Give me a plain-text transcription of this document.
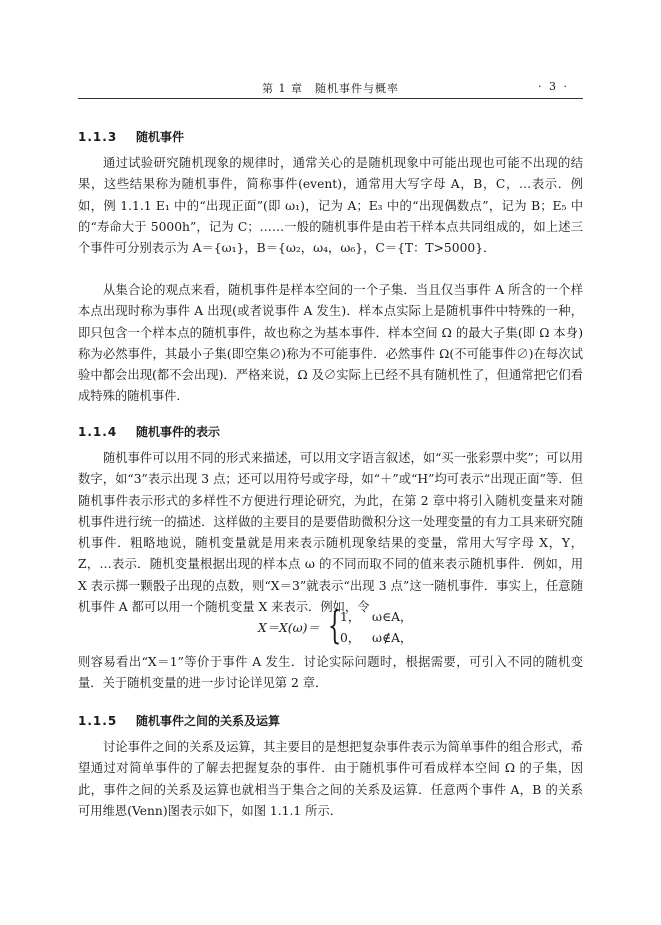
第 1 章　随机事件与概率	· 3 ·
1.1.3 随机事件
通过试验研究随机现象的规律时，通常关心的是随机现象中可能出现也可能不出现的结果，这些结果称为随机事件，简称事件(event)，通常用大写字母 A，B，C，…表示．例如，例 1.1.1 E₁ 中的“出现正面”(即 ω₁)，记为 A；E₃ 中的“出现偶数点”，记为 B；E₅ 中的“寿命大于 5000h”，记为 C；……一般的随机事件是由若干样本点共同组成的，如上述三个事件可分别表示为 A＝{ω₁}，B＝{ω₂，ω₄，ω₆}，C＝{T：T>5000}．
从集合论的观点来看，随机事件是样本空间的一个子集．当且仅当事件 A 所含的一个样本点出现时称为事件 A 出现(或者说事件 A 发生)．样本点实际上是随机事件中特殊的一种，即只包含一个样本点的随机事件，故也称之为基本事件．样本空间 Ω 的最大子集(即 Ω 本身)称为必然事件，其最小子集(即空集∅)称为不可能事件．必然事件 Ω(不可能事件∅)在每次试验中都会出现(都不会出现)．严格来说，Ω 及∅实际上已经不具有随机性了，但通常把它们看成特殊的随机事件．
1.1.4 随机事件的表示
随机事件可以用不同的形式来描述，可以用文字语言叙述，如“买一张彩票中奖”；可以用数字，如“3”表示出现 3 点；还可以用符号或字母，如“＋”或“H”均可表示“出现正面”等．但随机事件表示形式的多样性不方便进行理论研究，为此，在第 2 章中将引入随机变量来对随机事件进行统一的描述．这样做的主要目的是要借助微积分这一处理变量的有力工具来研究随机事件．粗略地说，随机变量就是用来表示随机现象结果的变量，常用大写字母 X，Y，Z，…表示．随机变量根据出现的样本点 ω 的不同而取不同的值来表示随机事件．例如，用 X 表示掷一颗骰子出现的点数，则“X＝3”就表示“出现 3 点”这一随机事件．事实上，任意随机事件 A 都可以用一个随机变量 X 来表示．例如，令
X＝X(ω)＝ {
1， ω∈A，
0， ω∉A，
则容易看出“X＝1”等价于事件 A 发生．讨论实际问题时，根据需要，可引入不同的随机变量．关于随机变量的进一步讨论详见第 2 章．
1.1.5 随机事件之间的关系及运算
讨论事件之间的关系及运算，其主要目的是想把复杂事件表示为简单事件的组合形式，希望通过对简单事件的了解去把握复杂的事件．由于随机事件可看成样本空间 Ω 的子集，因此，事件之间的关系及运算也就相当于集合之间的关系及运算．任意两个事件 A，B 的关系可用维恩(Venn)图表示如下，如图 1.1.1 所示．
